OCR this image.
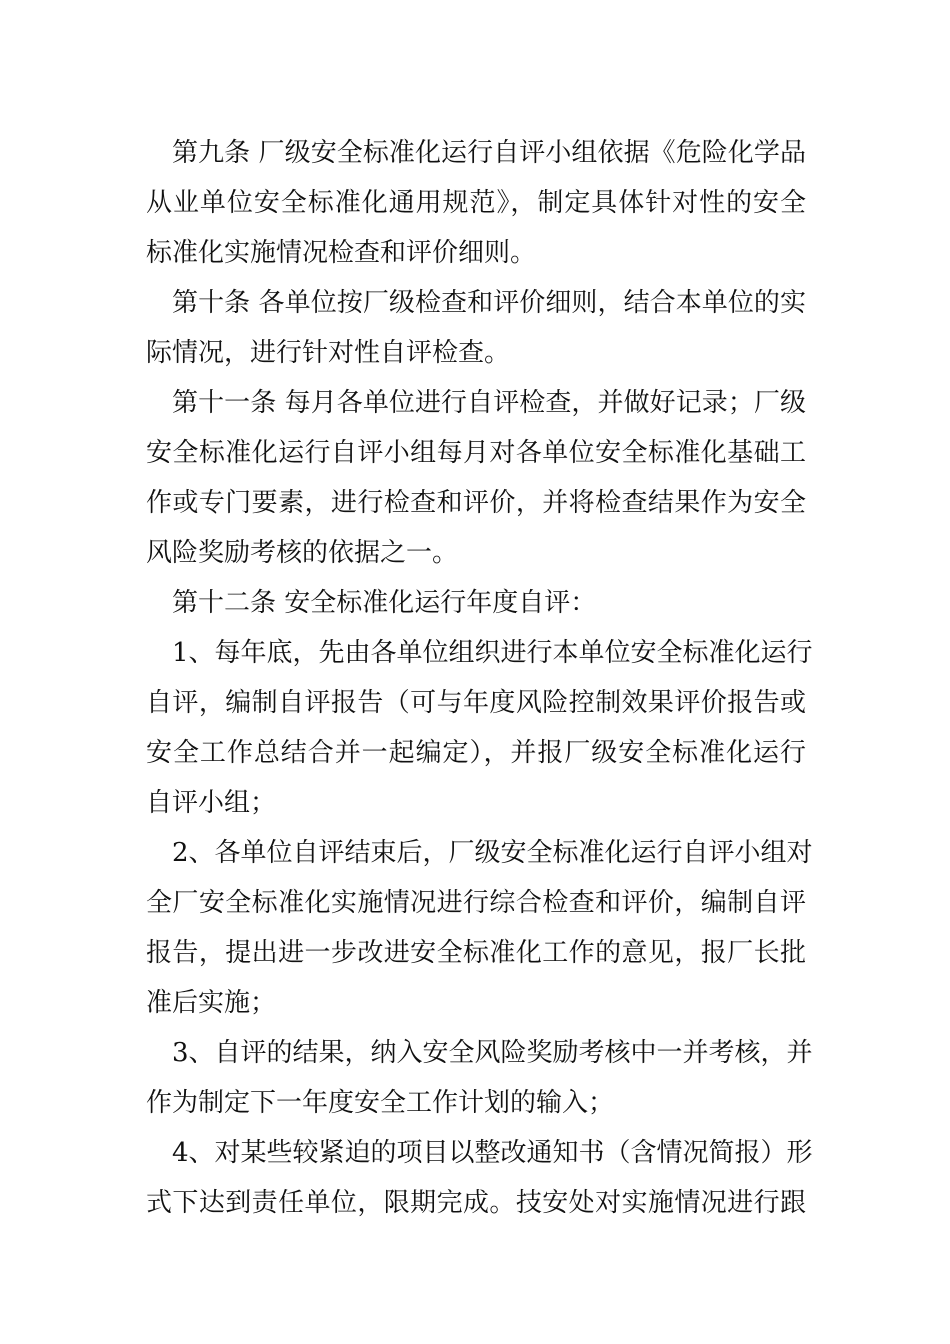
第九条 厂级安全标准化运行自评小组依据《危险化学品
从业单位安全标准化通用规范》，制定具体针对性的安全
标准化实施情况检查和评价细则。
第十条 各单位按厂级检查和评价细则，结合本单位的实
际情况，进行针对性自评检查。
第十一条 每月各单位进行自评检查，并做好记录；厂级
安全标准化运行自评小组每月对各单位安全标准化基础工
作或专门要素，进行检查和评价，并将检查结果作为安全
风险奖励考核的依据之一。
第十二条 安全标准化运行年度自评：
1、每年底，先由各单位组织进行本单位安全标准化运行
自评，编制自评报告（可与年度风险控制效果评价报告或
安全工作总结合并一起编定），并报厂级安全标准化运行
自评小组；
2、各单位自评结束后，厂级安全标准化运行自评小组对
全厂安全标准化实施情况进行综合检查和评价，编制自评
报告，提出进一步改进安全标准化工作的意见，报厂长批
准后实施；
3、自评的结果，纳入安全风险奖励考核中一并考核，并
作为制定下一年度安全工作计划的输入；
4、对某些较紧迫的项目以整改通知书（含情况简报）形
式下达到责任单位，限期完成。技安处对实施情况进行跟
